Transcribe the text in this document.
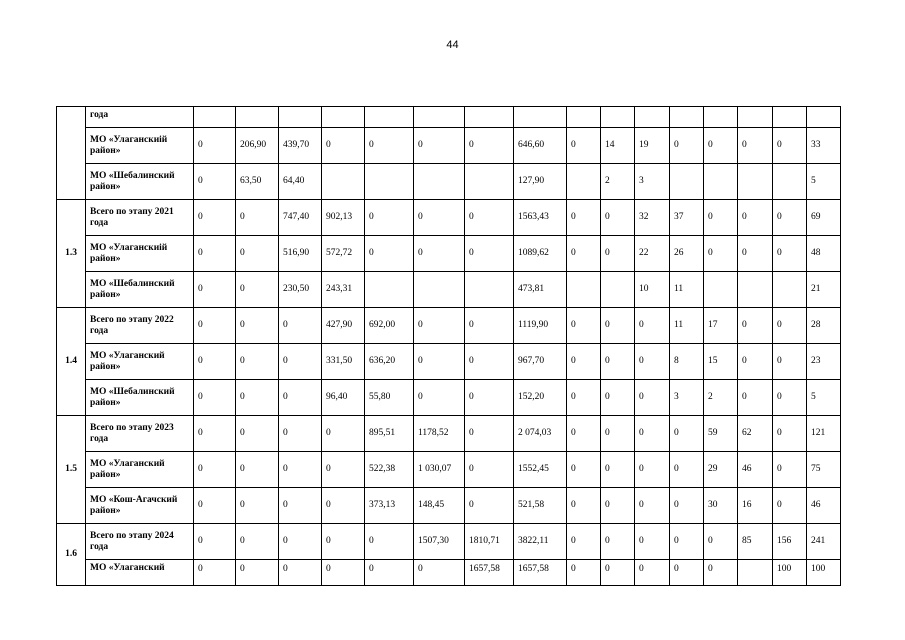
44
	года																
	МО «Улаганскиій район»	0	206,90	439,70	0	0	0	0	646,60	0	14	19	0	0	0	0	33
	МО «Шебалинский район»	0	63,50	64,40					127,90		2	3					5
1.3	Всего по этапу 2021 года	0	0	747,40	902,13	0	0	0	1563,43	0	0	32	37	0	0	0	69
	МО «Улаганскиій район»	0	0	516,90	572,72	0	0	0	1089,62	0	0	22	26	0	0	0	48
	МО «Шебалинский район»	0	0	230,50	243,31				473,81			10	11				21
1.4	Всего по этапу 2022 года	0	0	0	427,90	692,00	0	0	1119,90	0	0	0	11	17	0	0	28
	МО «Улаганский район»	0	0	0	331,50	636,20	0	0	967,70	0	0	0	8	15	0	0	23
	МО «Шебалинский район»	0	0	0	96,40	55,80	0	0	152,20	0	0	0	3	2	0	0	5
1.5	Всего по этапу 2023 года	0	0	0	0	895,51	1178,52	0	2 074,03	0	0	0	0	59	62	0	121
	МО «Улаганский район»	0	0	0	0	522,38	1 030,07	0	1552,45	0	0	0	0	29	46	0	75
	МО «Кош-Агачский район»	0	0	0	0	373,13	148,45	0	521,58	0	0	0	0	30	16	0	46
1.6	Всего по этапу 2024 года	0	0	0	0	0	1507,30	1810,71	3822,11	0	0	0	0	0	85	156	241
	МО «Улаганский	0	0	0	0	0	0	1657,58	1657,58	0	0	0	0	0		100	100
